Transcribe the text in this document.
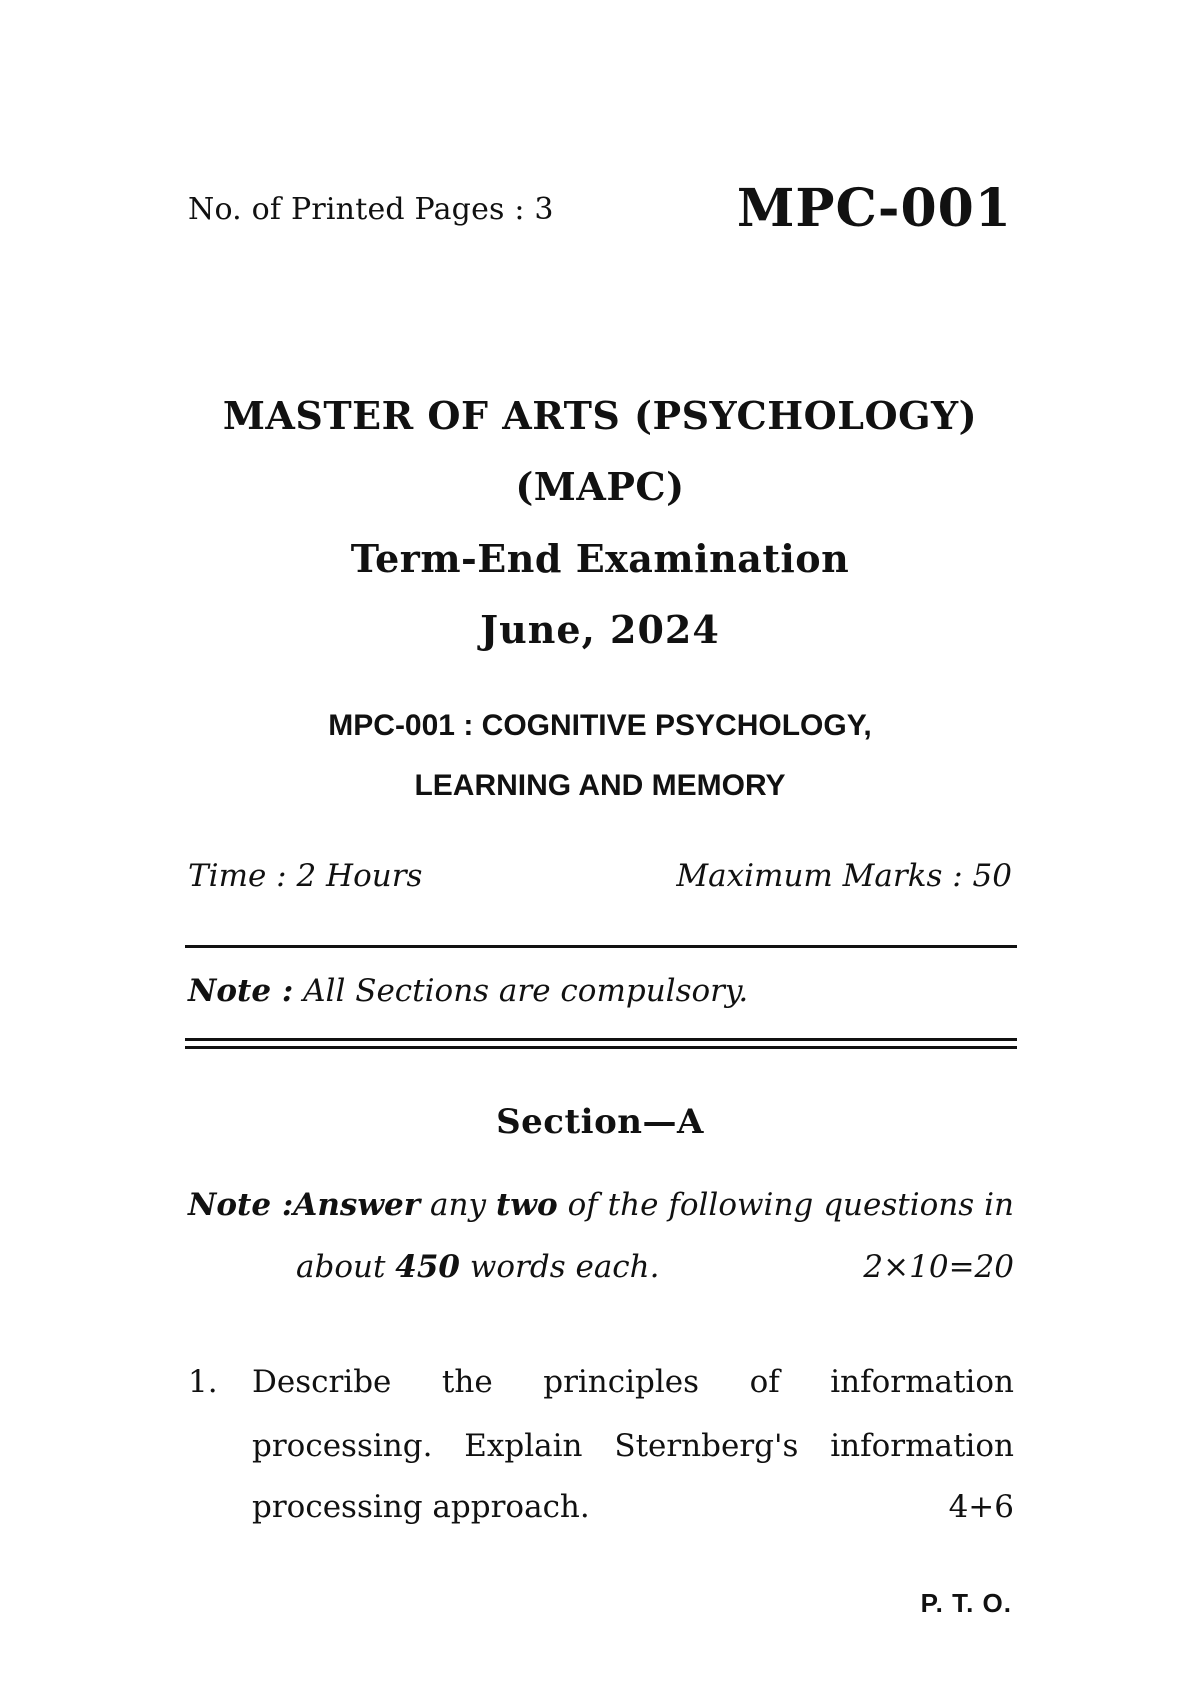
No. of Printed Pages : 3	MPC-001
MASTER OF ARTS (PSYCHOLOGY)
(MAPC)
Term-End Examination
June, 2024
MPC-001 : COGNITIVE PSYCHOLOGY,
LEARNING AND MEMORY
Time : 2 Hours	Maximum Marks : 50
Note : All Sections are compulsory.
Section—A
Note :Answer any two of the following questions in
about 450 words each.	2×10=20
1. Describe the principles of information
processing. Explain Sternberg's information
processing approach.	4+6
P. T. O.
